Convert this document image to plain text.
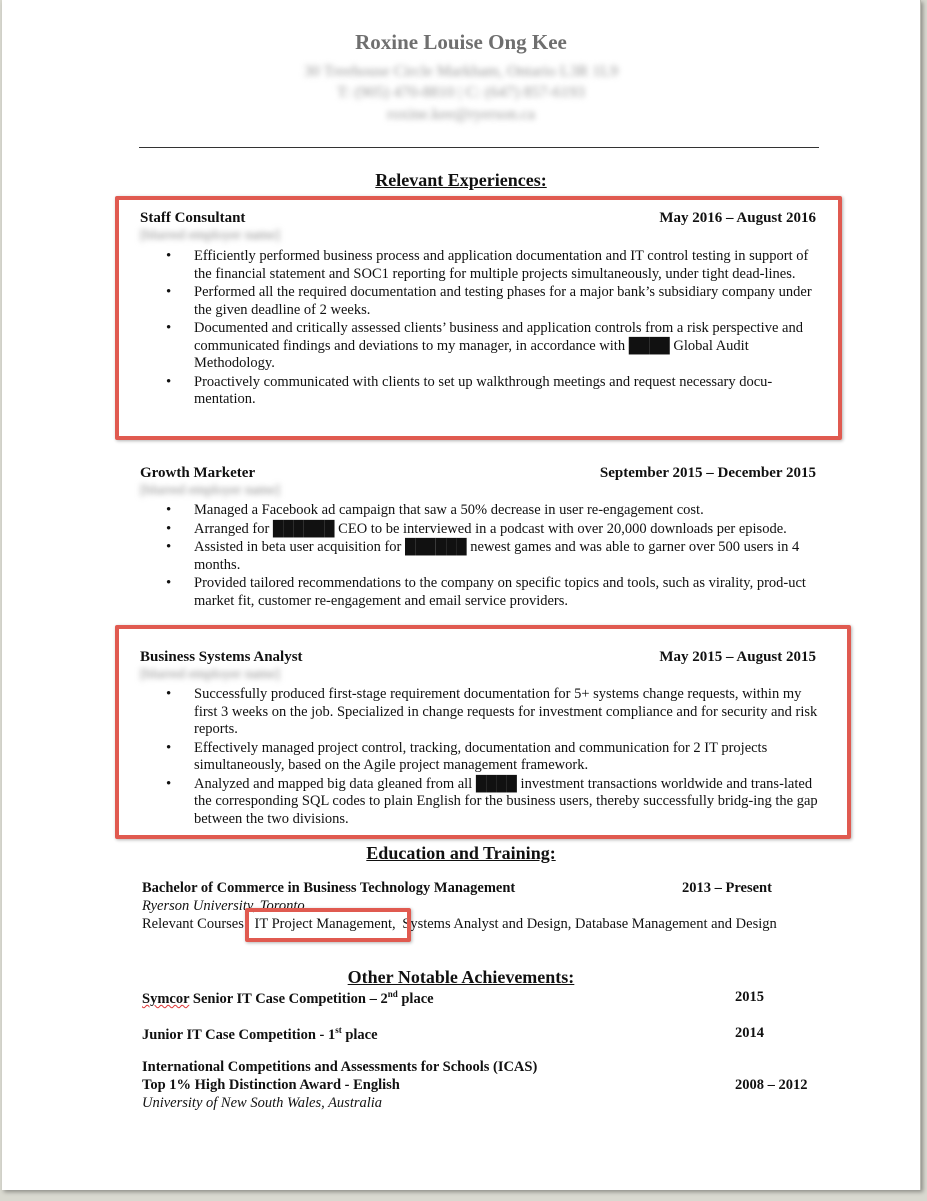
Roxine Louise Ong Kee
30 Treehouse Circle Markham, Ontario L3R 1L9
T: (905) 470-8810 | C: (647) 857-6193
roxine.kee@ryerson.ca
Relevant Experiences:
Staff Consultant	May 2016 – August 2016
[blurred employer name]
• Efficiently performed business process and application documentation and IT control testing in support of the financial statement and SOC1 reporting for multiple projects simultaneously, under tight dead-lines.
• Performed all the required documentation and testing phases for a major bank’s subsidiary company under the given deadline of 2 weeks.
• Documented and critically assessed clients’ business and application controls from a risk perspective and communicated findings and deviations to my manager, in accordance with ████ Global Audit Methodology.
• Proactively communicated with clients to set up walkthrough meetings and request necessary docu-mentation.
Growth Marketer	September 2015 – December 2015
[blurred employer name]
• Managed a Facebook ad campaign that saw a 50% decrease in user re-engagement cost.
• Arranged for ██████ CEO to be interviewed in a podcast with over 20,000 downloads per episode.
• Assisted in beta user acquisition for ██████ newest games and was able to garner over 500 users in 4 months.
• Provided tailored recommendations to the company on specific topics and tools, such as virality, prod-uct market fit, customer re-engagement and email service providers.
Business Systems Analyst	May 2015 – August 2015
[blurred employer name]
• Successfully produced first-stage requirement documentation for 5+ systems change requests, within my first 3 weeks on the job. Specialized in change requests for investment compliance and for security and risk reports.
• Effectively managed project control, tracking, documentation and communication for 2 IT projects simultaneously, based on the Agile project management framework.
• Analyzed and mapped big data gleaned from all ████ investment transactions worldwide and trans-lated the corresponding SQL codes to plain English for the business users, thereby successfully bridg-ing the gap between the two divisions.
Education and Training:
Bachelor of Commerce in Business Technology Management	2013 – Present
Ryerson University, Toronto
Relevant Courses: IT Project Management, Systems Analyst and Design, Database Management and Design
Other Notable Achievements:
Symcor Senior IT Case Competition – 2nd place	2015
Junior IT Case Competition - 1st place	2014
International Competitions and Assessments for Schools (ICAS)
Top 1% High Distinction Award - English	2008 – 2012
University of New South Wales, Australia
